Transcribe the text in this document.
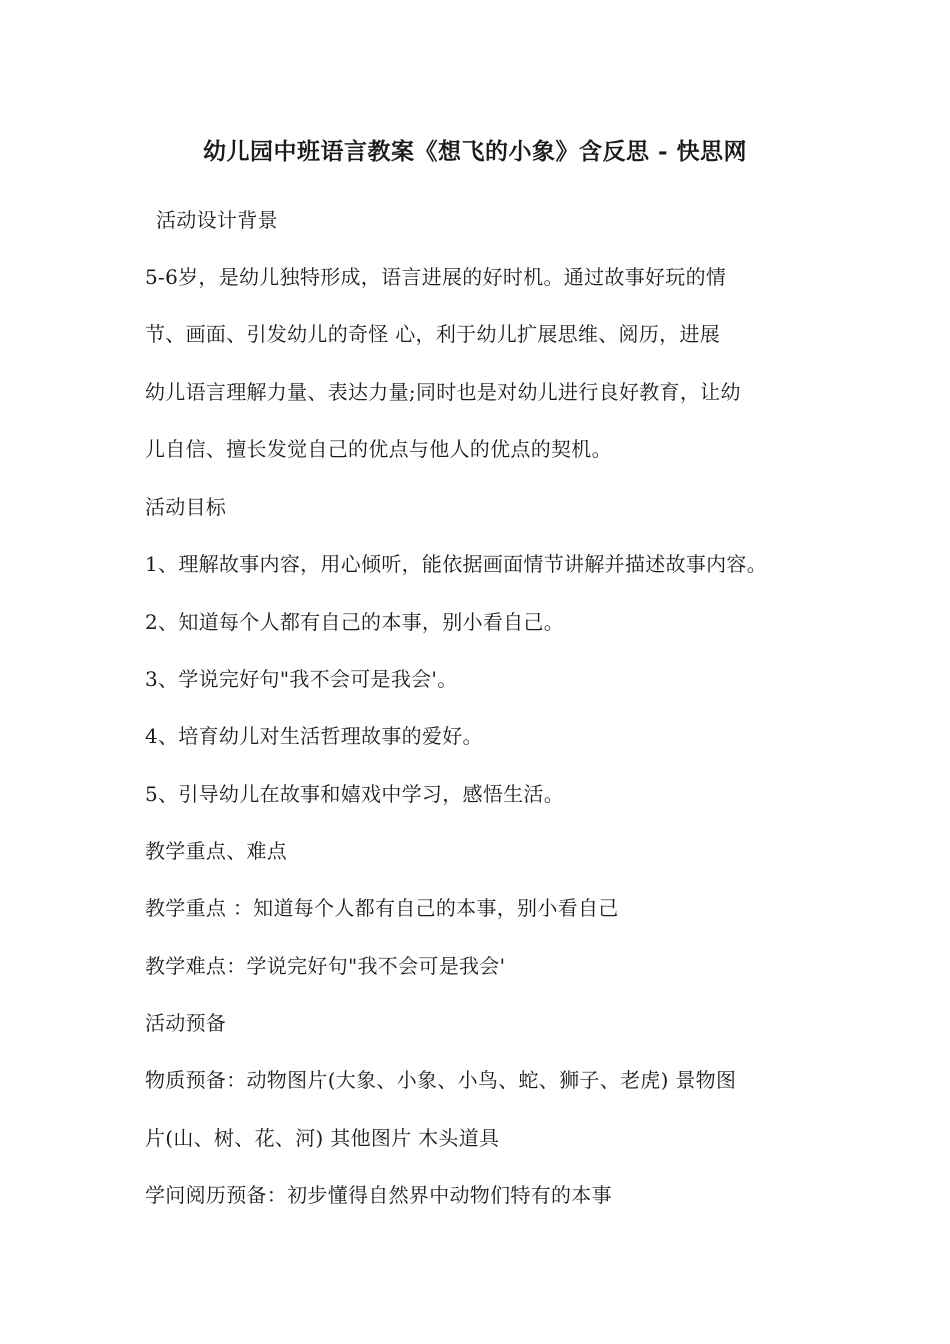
幼儿园中班语言教案《想飞的小象》含反思 - 快思网
活动设计背景
5-6岁，是幼儿独特形成，语言进展的好时机。通过故事好玩的情
节、画面、引发幼儿的奇怪 心，利于幼儿扩展思维、阅历，进展
幼儿语言理解力量、表达力量;同时也是对幼儿进行良好教育，让幼
儿自信、擅长发觉自己的优点与他人的优点的契机。
活动目标
1、理解故事内容，用心倾听，能依据画面情节讲解并描述故事内容。
2、知道每个人都有自己的本事，别小看自己。
3、学说完好句"我不会可是我会'。
4、培育幼儿对生活哲理故事的爱好。
5、引导幼儿在故事和嬉戏中学习，感悟生活。
教学重点、难点
教学重点 ：知道每个人都有自己的本事，别小看自己
教学难点：学说完好句"我不会可是我会'
活动预备
物质预备：动物图片(大象、小象、小鸟、蛇、狮子、老虎) 景物图
片(山、树、花、河) 其他图片 木头道具
学问阅历预备：初步懂得自然界中动物们特有的本事
